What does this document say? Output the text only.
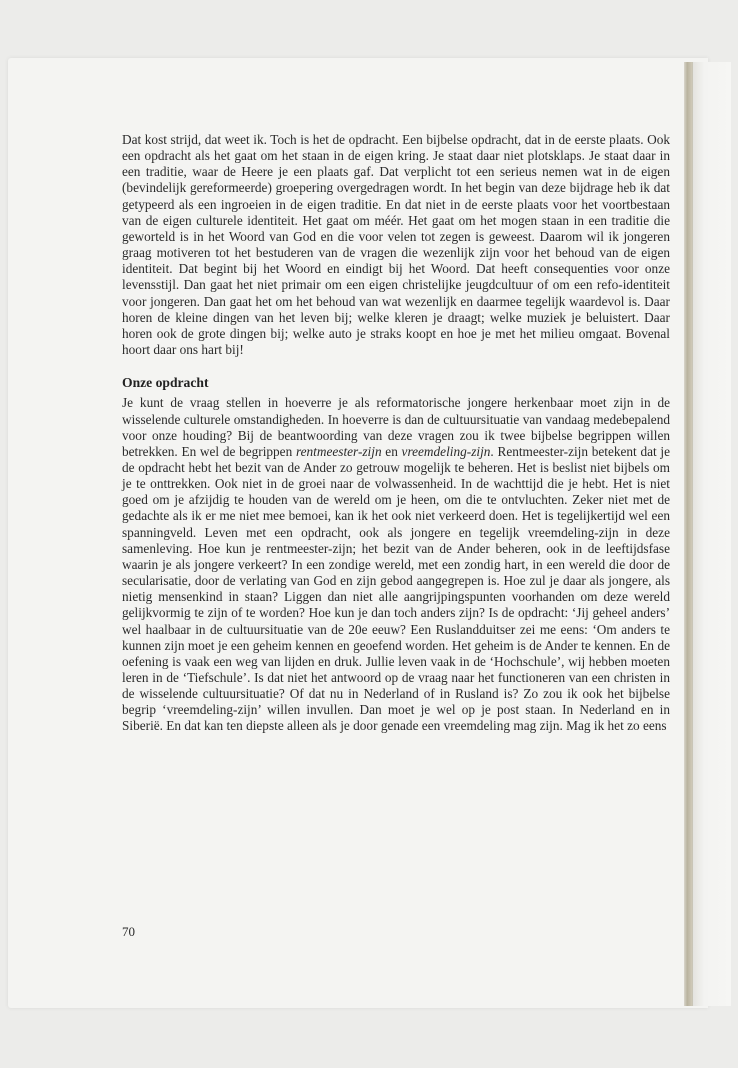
Dat kost strijd, dat weet ik. Toch is het de opdracht. Een bijbelse opdracht, dat in de eerste plaats. Ook een opdracht als het gaat om het staan in de eigen kring. Je staat daar niet plotsklaps. Je staat daar in een traditie, waar de Heere je een plaats gaf. Dat verplicht tot een serieus nemen wat in de eigen (bevindelijk gereformeerde) groepering overgedragen wordt. In het begin van deze bijdrage heb ik dat getypeerd als een ingroeien in de eigen traditie. En dat niet in de eerste plaats voor het voortbestaan van de eigen culturele identiteit. Het gaat om méér. Het gaat om het mogen staan in een traditie die geworteld is in het Woord van God en die voor velen tot zegen is geweest. Daarom wil ik jongeren graag motiveren tot het bestuderen van de vragen die wezenlijk zijn voor het behoud van de eigen identiteit. Dat begint bij het Woord en eindigt bij het Woord. Dat heeft consequenties voor onze levensstijl. Dan gaat het niet primair om een eigen christelijke jeugdcultuur of om een refo-identiteit voor jongeren. Dan gaat het om het behoud van wat wezenlijk en daarmee tegelijk waardevol is. Daar horen de kleine dingen van het leven bij; welke kleren je draagt; welke muziek je beluistert. Daar horen ook de grote dingen bij; welke auto je straks koopt en hoe je met het milieu omgaat. Bovenal hoort daar ons hart bij!

Onze opdracht

Je kunt de vraag stellen in hoeverre je als reformatorische jongere herkenbaar moet zijn in de wisselende culturele omstandigheden. In hoeverre is dan de cultuursituatie van vandaag medebepalend voor onze houding? Bij de beantwoording van deze vragen zou ik twee bijbelse begrippen willen betrekken. En wel de begrippen rentmeester-zijn en vreemdeling-zijn. Rentmeester-zijn betekent dat je de opdracht hebt het bezit van de Ander zo getrouw mogelijk te beheren. Het is beslist niet bijbels om je te onttrekken. Ook niet in de groei naar de volwassenheid. In de wachttijd die je hebt. Het is niet goed om je afzijdig te houden van de wereld om je heen, om die te ontvluchten. Zeker niet met de gedachte als ik er me niet mee bemoei, kan ik het ook niet verkeerd doen. Het is tegelijkertijd wel een spanningveld. Leven met een opdracht, ook als jongere en tegelijk vreemdeling-zijn in deze samenleving. Hoe kun je rentmeester-zijn; het bezit van de Ander beheren, ook in de leeftijdsfase waarin je als jongere verkeert? In een zondige wereld, met een zondig hart, in een wereld die door de secularisatie, door de verlating van God en zijn gebod aangegrepen is. Hoe zul je daar als jongere, als nietig mensenkind in staan? Liggen dan niet alle aangrijpingspunten voorhanden om deze wereld gelijkvormig te zijn of te worden? Hoe kun je dan toch anders zijn? Is de opdracht: ‘Jij geheel anders’ wel haalbaar in de cultuursituatie van de 20e eeuw? Een Ruslandduitser zei me eens: ‘Om anders te kunnen zijn moet je een geheim kennen en geoefend worden. Het geheim is de Ander te kennen. En de oefening is vaak een weg van lijden en druk. Jullie leven vaak in de ‘Hochschule’, wij hebben moeten leren in de ‘Tiefschule’. Is dat niet het antwoord op de vraag naar het functioneren van een christen in de wisselende cultuursituatie? Of dat nu in Nederland of in Rusland is? Zo zou ik ook het bijbelse begrip ‘vreemdeling-zijn’ willen invullen. Dan moet je wel op je post staan. In Nederland en in Siberië. En dat kan ten diepste alleen als je door genade een vreemdeling mag zijn. Mag ik het zo eens

70
